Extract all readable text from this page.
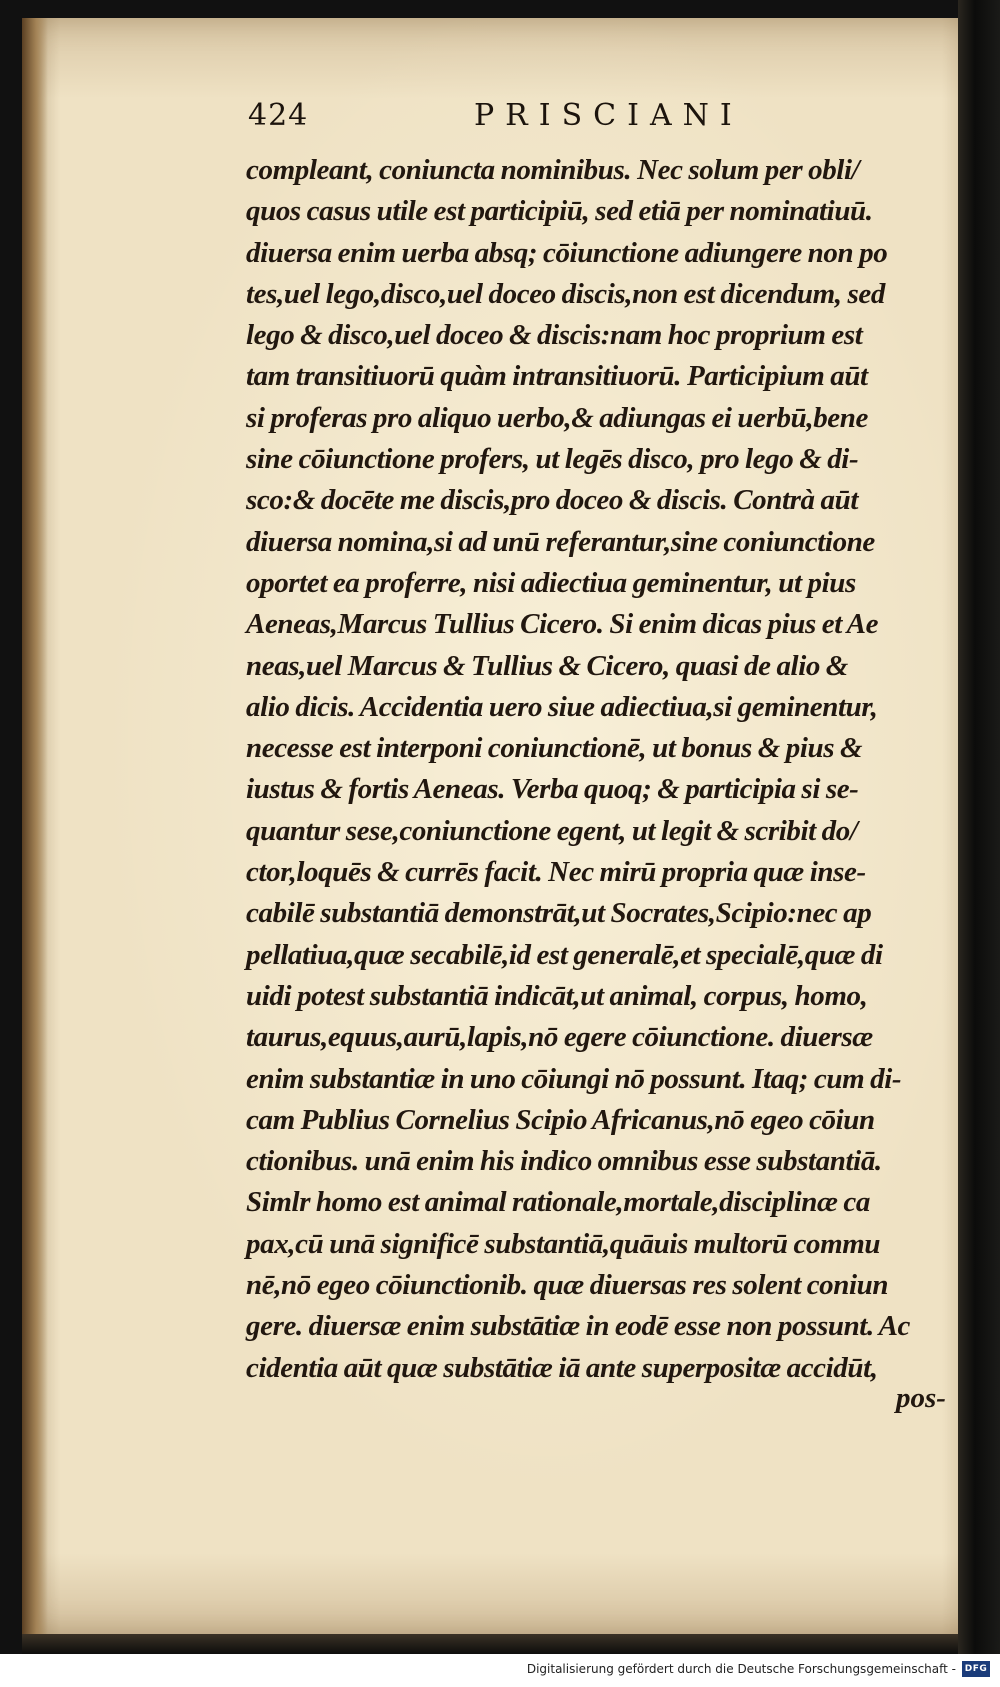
424	PRISCIANI
compleant, coniuncta nominibus. Nec solum per obli/
quos casus utile est participiū, sed etiā per nominatiuū.
diuersa enim uerba absq; cōiunctione adiungere non po
tes,uel lego,disco,uel doceo discis,non est dicendum, sed
lego & disco,uel doceo & discis:nam hoc proprium est
tam transitiuorū quàm intransitiuorū. Participium aūt
si proferas pro aliquo uerbo,& adiungas ei uerbū,bene
sine cōiunctione profers, ut legēs disco, pro lego & di-
sco:& docēte me discis,pro doceo & discis. Contrà aūt
diuersa nomina,si ad unū referantur,sine coniunctione
oportet ea proferre, nisi adiectiua geminentur, ut pius
Aeneas,Marcus Tullius Cicero. Si enim dicas pius et Ae
neas,uel Marcus & Tullius & Cicero, quasi de alio &
alio dicis. Accidentia uero siue adiectiua,si geminentur,
necesse est interponi coniunctionē, ut bonus & pius &
iustus & fortis Aeneas. Verba quoq; & participia si se-
quantur sese,coniunctione egent, ut legit & scribit do/
ctor,loquēs & currēs facit. Nec mirū propria quæ inse-
cabilē substantiā demonstrāt,ut Socrates,Scipio:nec ap
pellatiua,quæ secabilē,id est generalē,et specialē,quæ di
uidi potest substantiā indicāt,ut animal, corpus, homo,
taurus,equus,aurū,lapis,nō egere cōiunctione. diuersæ
enim substantiæ in uno cōiungi nō possunt. Itaq; cum di-
cam Publius Cornelius Scipio Africanus,nō egeo cōiun
ctionibus. unā enim his indico omnibus esse substantiā.
Simlr homo est animal rationale,mortale,disciplinæ ca
pax,cū unā significē substantiā,quāuis multorū commu
nē,nō egeo cōiunctionib. quæ diuersas res solent coniun
gere. diuersæ enim substātiæ in eodē esse non possunt. Ac
cidentia aūt quæ substātiæ iā ante superpositæ accidūt,
pos-
Digitalisierung gefördert durch die Deutsche Forschungsgemeinschaft - DFG
